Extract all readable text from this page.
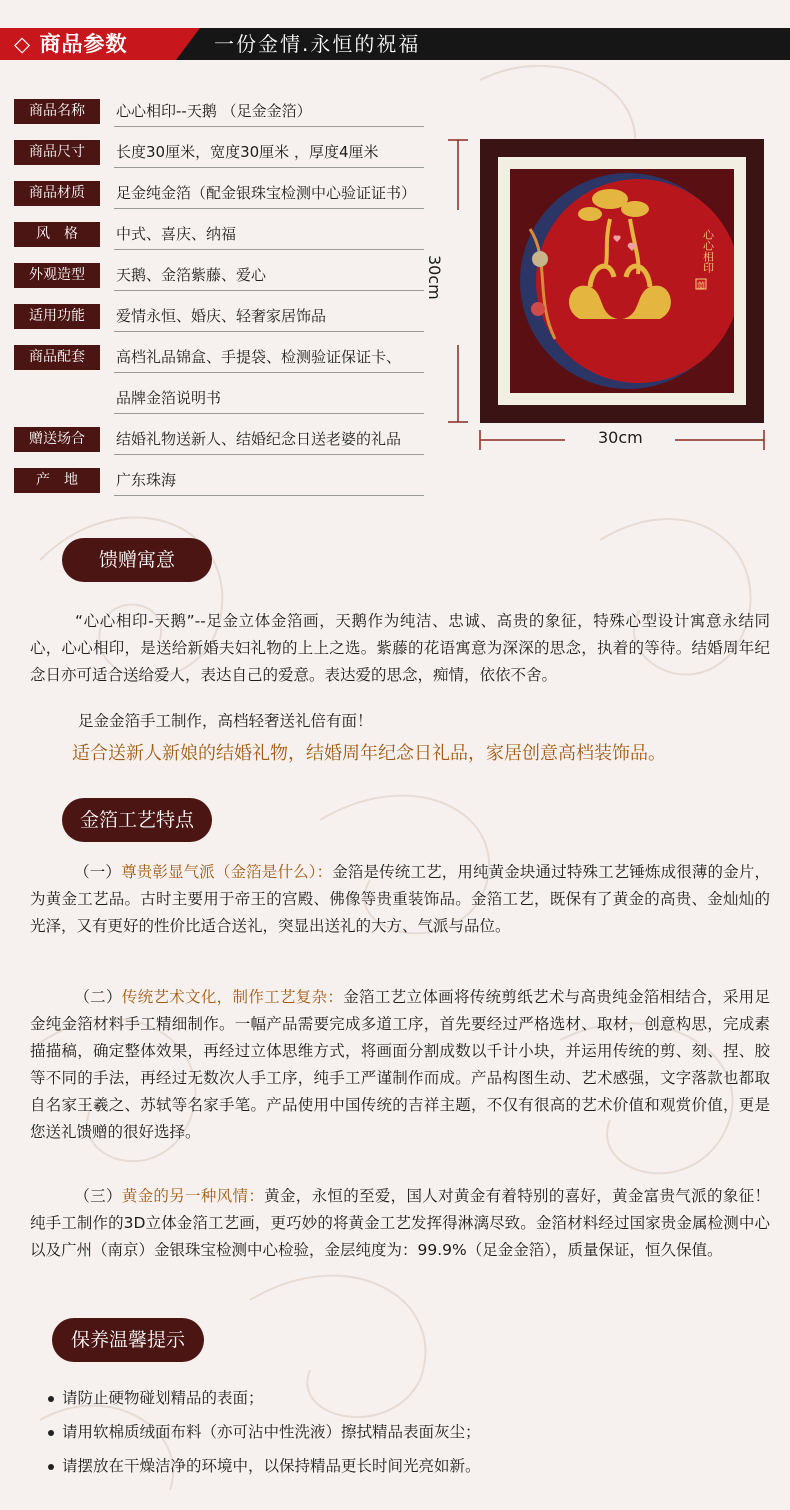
◇ 商品参数	一份金情.永恒的祝福
商品名称	心心相印--天鹅 （足金金箔）
商品尺寸	长度30厘米，宽度30厘米 ，厚度4厘米
商品材质	足金纯金箔（配金银珠宝检测中心验证证书）
风　格	中式、喜庆、纳福
外观造型	天鹅、金箔紫藤、爱心
适用功能	爱情永恒、婚庆、轻奢家居饰品
商品配套	高档礼品锦盒、手提袋、检测验证保证卡、
品牌金箔说明书
赠送场合	结婚礼物送新人、结婚纪念日送老婆的礼品
产　地	广东珠海
30cm
30cm
心心相印
囍
馈赠寓意
“心心相印-天鹅”--足金立体金箔画，天鹅作为纯洁、忠诚、高贵的象征，特殊心型设计寓意永结同心，心心相印，是送给新婚夫妇礼物的上上之选。紫藤的花语寓意为深深的思念，执着的等待。结婚周年纪念日亦可适合送给爱人，表达自己的爱意。表达爱的思念，痴情，依依不舍。
足金金箔手工制作，高档轻奢送礼倍有面！
适合送新人新娘的结婚礼物，结婚周年纪念日礼品，家居创意高档装饰品。
金箔工艺特点
（一）尊贵彰显气派（金箔是什么）：金箔是传统工艺，用纯黄金块通过特殊工艺锤炼成很薄的金片，为黄金工艺品。古时主要用于帝王的宫殿、佛像等贵重装饰品。金箔工艺，既保有了黄金的高贵、金灿灿的光泽，又有更好的性价比适合送礼，突显出送礼的大方、气派与品位。
（二）传统艺术文化，制作工艺复杂：金箔工艺立体画将传统剪纸艺术与高贵纯金箔相结合，采用足金纯金箔材料手工精细制作。一幅产品需要完成多道工序，首先要经过严格选材、取材，创意构思，完成素描描稿，确定整体效果，再经过立体思维方式，将画面分割成数以千计小块，并运用传统的剪、刻、捏、胶等不同的手法，再经过无数次人手工序，纯手工严谨制作而成。产品构图生动、艺术感强，文字落款也都取自名家王羲之、苏轼等名家手笔。产品使用中国传统的吉祥主题，不仅有很高的艺术价值和观赏价值，更是您送礼馈赠的很好选择。
（三）黄金的另一种风情：黄金，永恒的至爱，国人对黄金有着特别的喜好，黄金富贵气派的象征！纯手工制作的3D立体金箔工艺画，更巧妙的将黄金工艺发挥得淋漓尽致。金箔材料经过国家贵金属检测中心以及广州（南京）金银珠宝检测中心检验，金层纯度为：99.9%（足金金箔），质量保证，恒久保值。
保养温馨提示
请防止硬物碰划精品的表面；
请用软棉质绒面布料（亦可沾中性洗液）擦拭精品表面灰尘；
请摆放在干燥洁净的环境中，以保持精品更长时间光亮如新。
